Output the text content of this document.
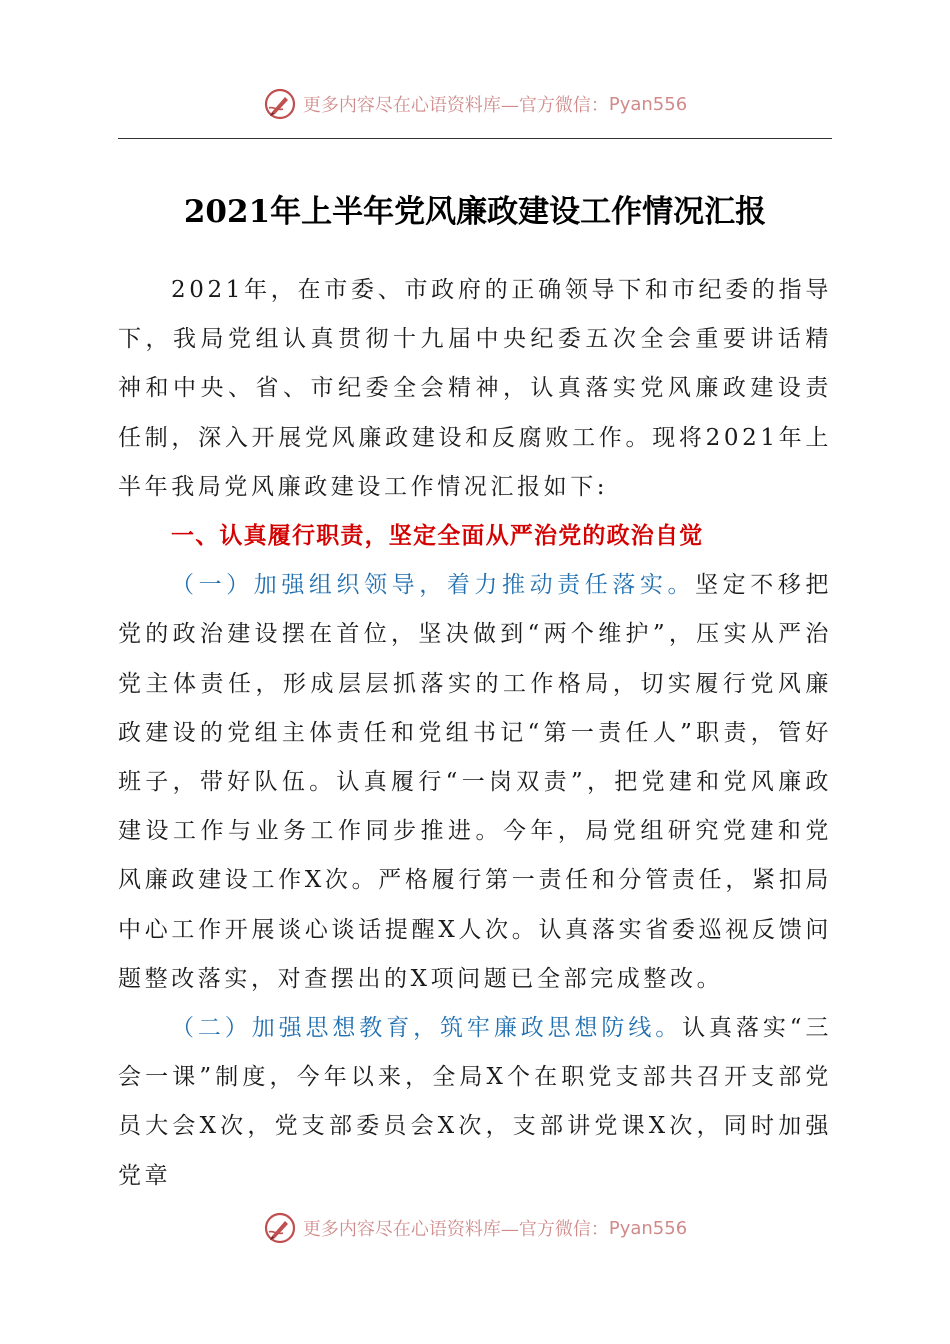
更多内容尽在心语资料库—官方微信： Pyan556
2021年上半年党风廉政建设工作情况汇报

2021年，在市委、市政府的正确领导下和市纪委的指导下，我局党组认真贯彻十九届中央纪委五次全会重要讲话精神和中央、省、市纪委全会精神，认真落实党风廉政建设责任制，深入开展党风廉政建设和反腐败工作。现将2021年上半年我局党风廉政建设工作情况汇报如下:

一、认真履行职责，坚定全面从严治党的政治自觉

（一）加强组织领导，着力推动责任落实。坚定不移把党的政治建设摆在首位，坚决做到“两个维护”，压实从严治党主体责任，形成层层抓落实的工作格局，切实履行党风廉政建设的党组主体责任和党组书记“第一责任人”职责，管好班子，带好队伍。认真履行“一岗双责”，把党建和党风廉政建设工作与业务工作同步推进。今年，局党组研究党建和党风廉政建设工作X次。严格履行第一责任和分管责任，紧扣局中心工作开展谈心谈话提醒X人次。认真落实省委巡视反馈问题整改落实，对查摆出的X项问题已全部完成整改。

（二）加强思想教育，筑牢廉政思想防线。认真落实“三会一课”制度，今年以来，全局X个在职党支部共召开支部党员大会X次，党支部委员会X次，支部讲党课X次，同时加强党章

更多内容尽在心语资料库—官方微信： Pyan556
